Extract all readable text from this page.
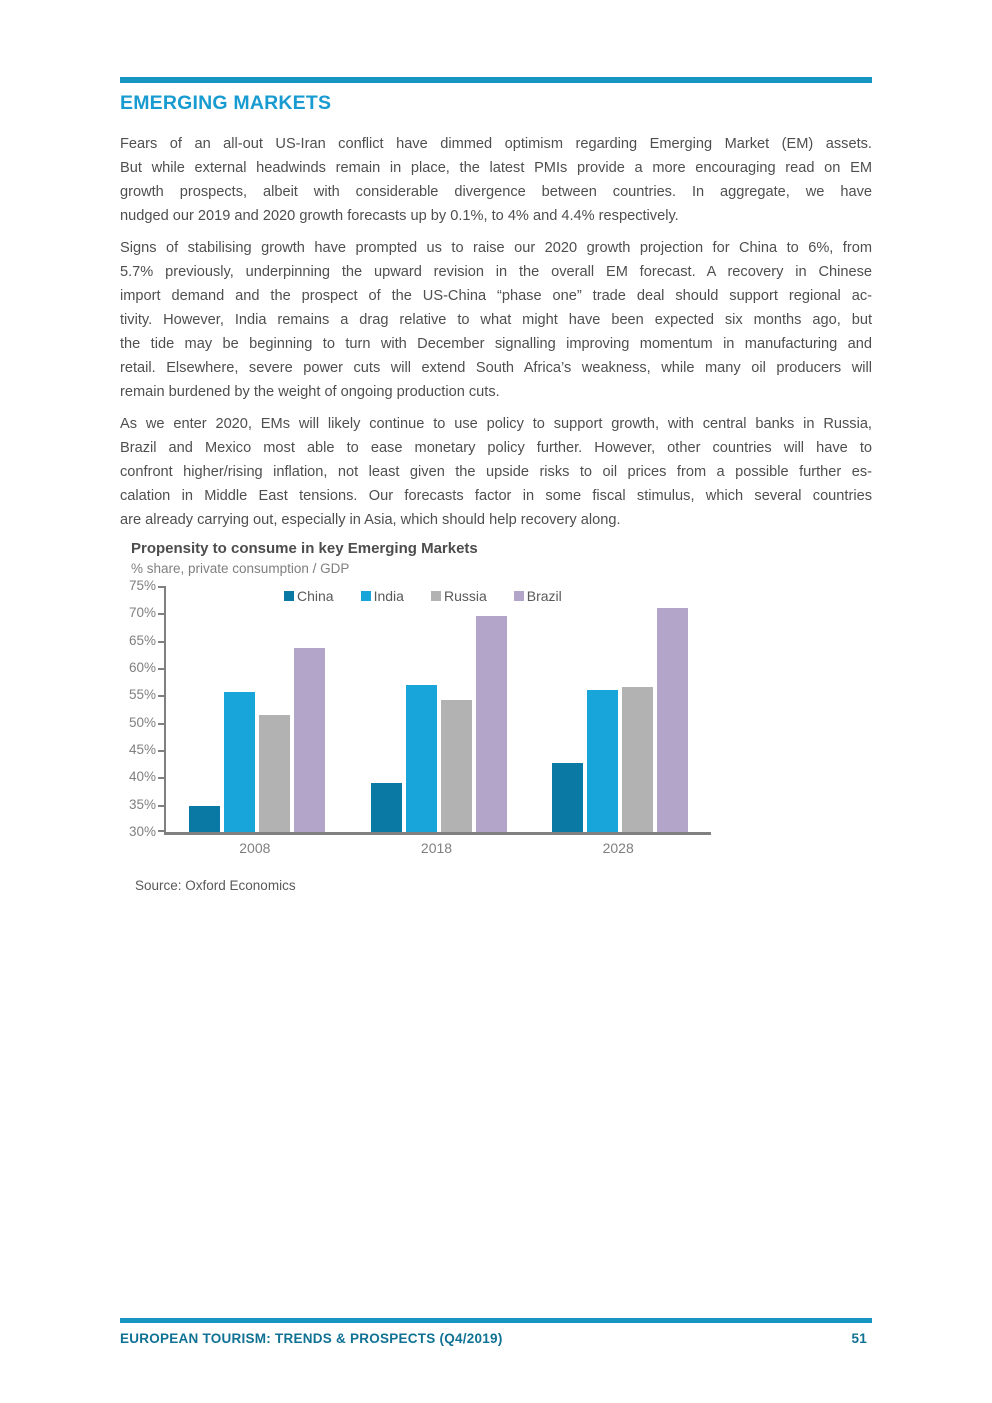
EMERGING MARKETS
Fears of an all-out US-Iran conflict have dimmed optimism regarding Emerging Market (EM) assets.
But while external headwinds remain in place, the latest PMIs provide a more encouraging read on EM
growth prospects, albeit with considerable divergence between countries. In aggregate, we have
nudged our 2019 and 2020 growth forecasts up by 0.1%, to 4% and 4.4% respectively.
Signs of stabilising growth have prompted us to raise our 2020 growth projection for China to 6%, from
5.7% previously, underpinning the upward revision in the overall EM forecast. A recovery in Chinese
import demand and the prospect of the US-China “phase one” trade deal should support regional ac-
tivity. However, India remains a drag relative to what might have been expected six months ago, but
the tide may be beginning to turn with December signalling improving momentum in manufacturing and
retail. Elsewhere, severe power cuts will extend South Africa’s weakness, while many oil producers will
remain burdened by the weight of ongoing production cuts.
As we enter 2020, EMs will likely continue to use policy to support growth, with central banks in Russia,
Brazil and Mexico most able to ease monetary policy further. However, other countries will have to
confront higher/rising inflation, not least given the upside risks to oil prices from a possible further es-
calation in Middle East tensions. Our forecasts factor in some fiscal stimulus, which several countries
are already carrying out, especially in Asia, which should help recovery along.
Propensity to consume in key Emerging Markets
% share, private consumption / GDP
75%
70%
65%
60%
55%
50%
45%
40%
35%
30%
China	India	Russia	Brazil
2008	2018	2028
Source: Oxford Economics
EUROPEAN TOURISM: TRENDS & PROSPECTS (Q4/2019)	51
